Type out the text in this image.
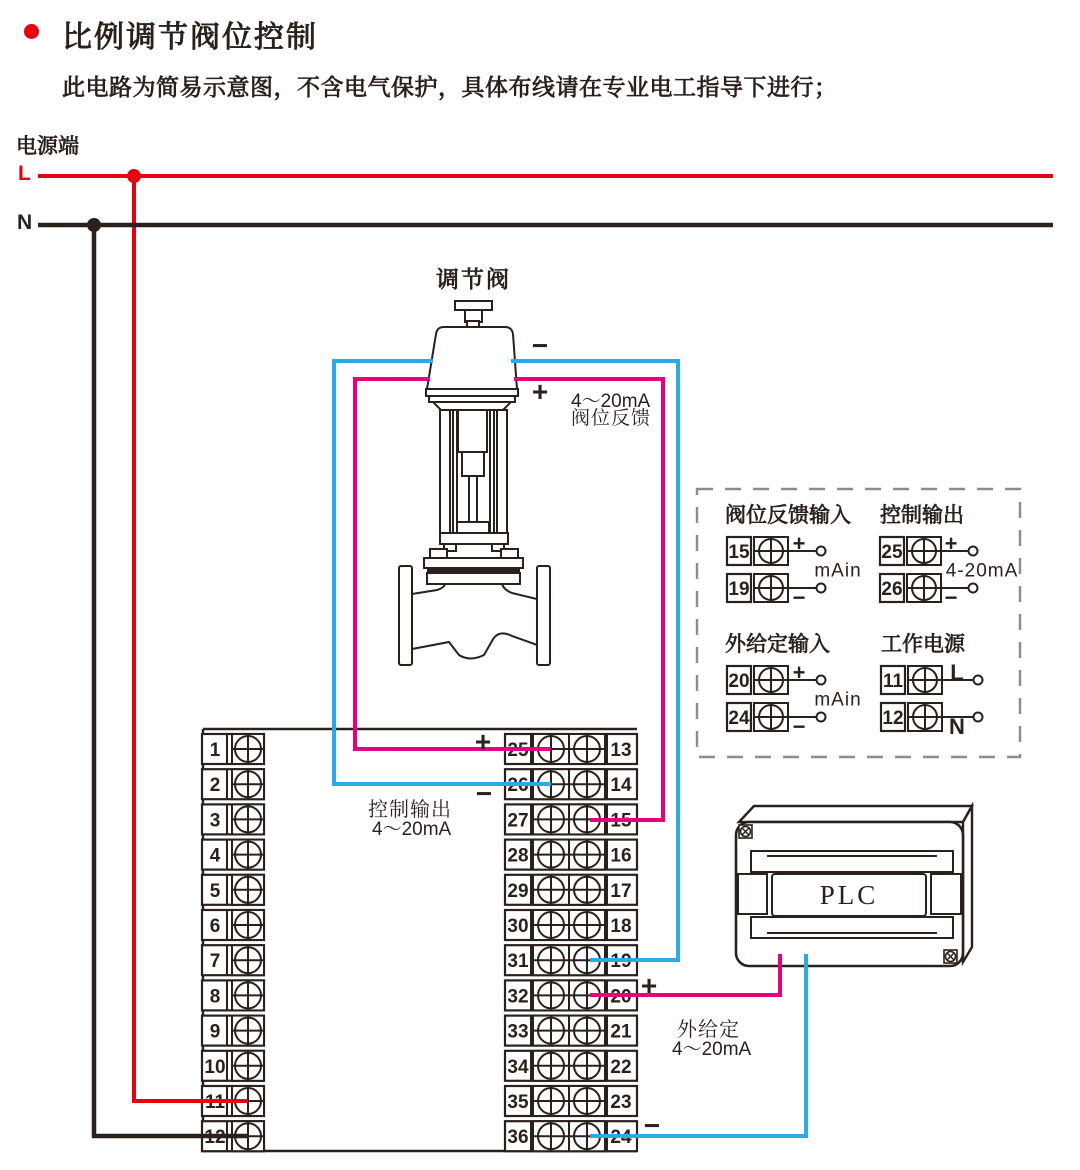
1
2
3
4
5
6
7
8
9
10
11
12
25	13
26	14
27	15
28	16
29	17
30	18
31	19
32	20
33	21
34	22
35	23
36	24
阀位反馈输入
15 +
19 −
mAin
控制输出
25 +
26 −
4-20mA
外给定输入
20 +
24 −
mAin
工作电源
11 L
12 N
比例调节阀位控制
此电路为简易示意图，不含电气保护，具体布线请在专业电工指导下进行；
电源端
L
N
调节阀
−
+	4～20mA
阀位反馈
+
−
控制输出
4～20mA
+
−
外给定
4～20mA
PLC
